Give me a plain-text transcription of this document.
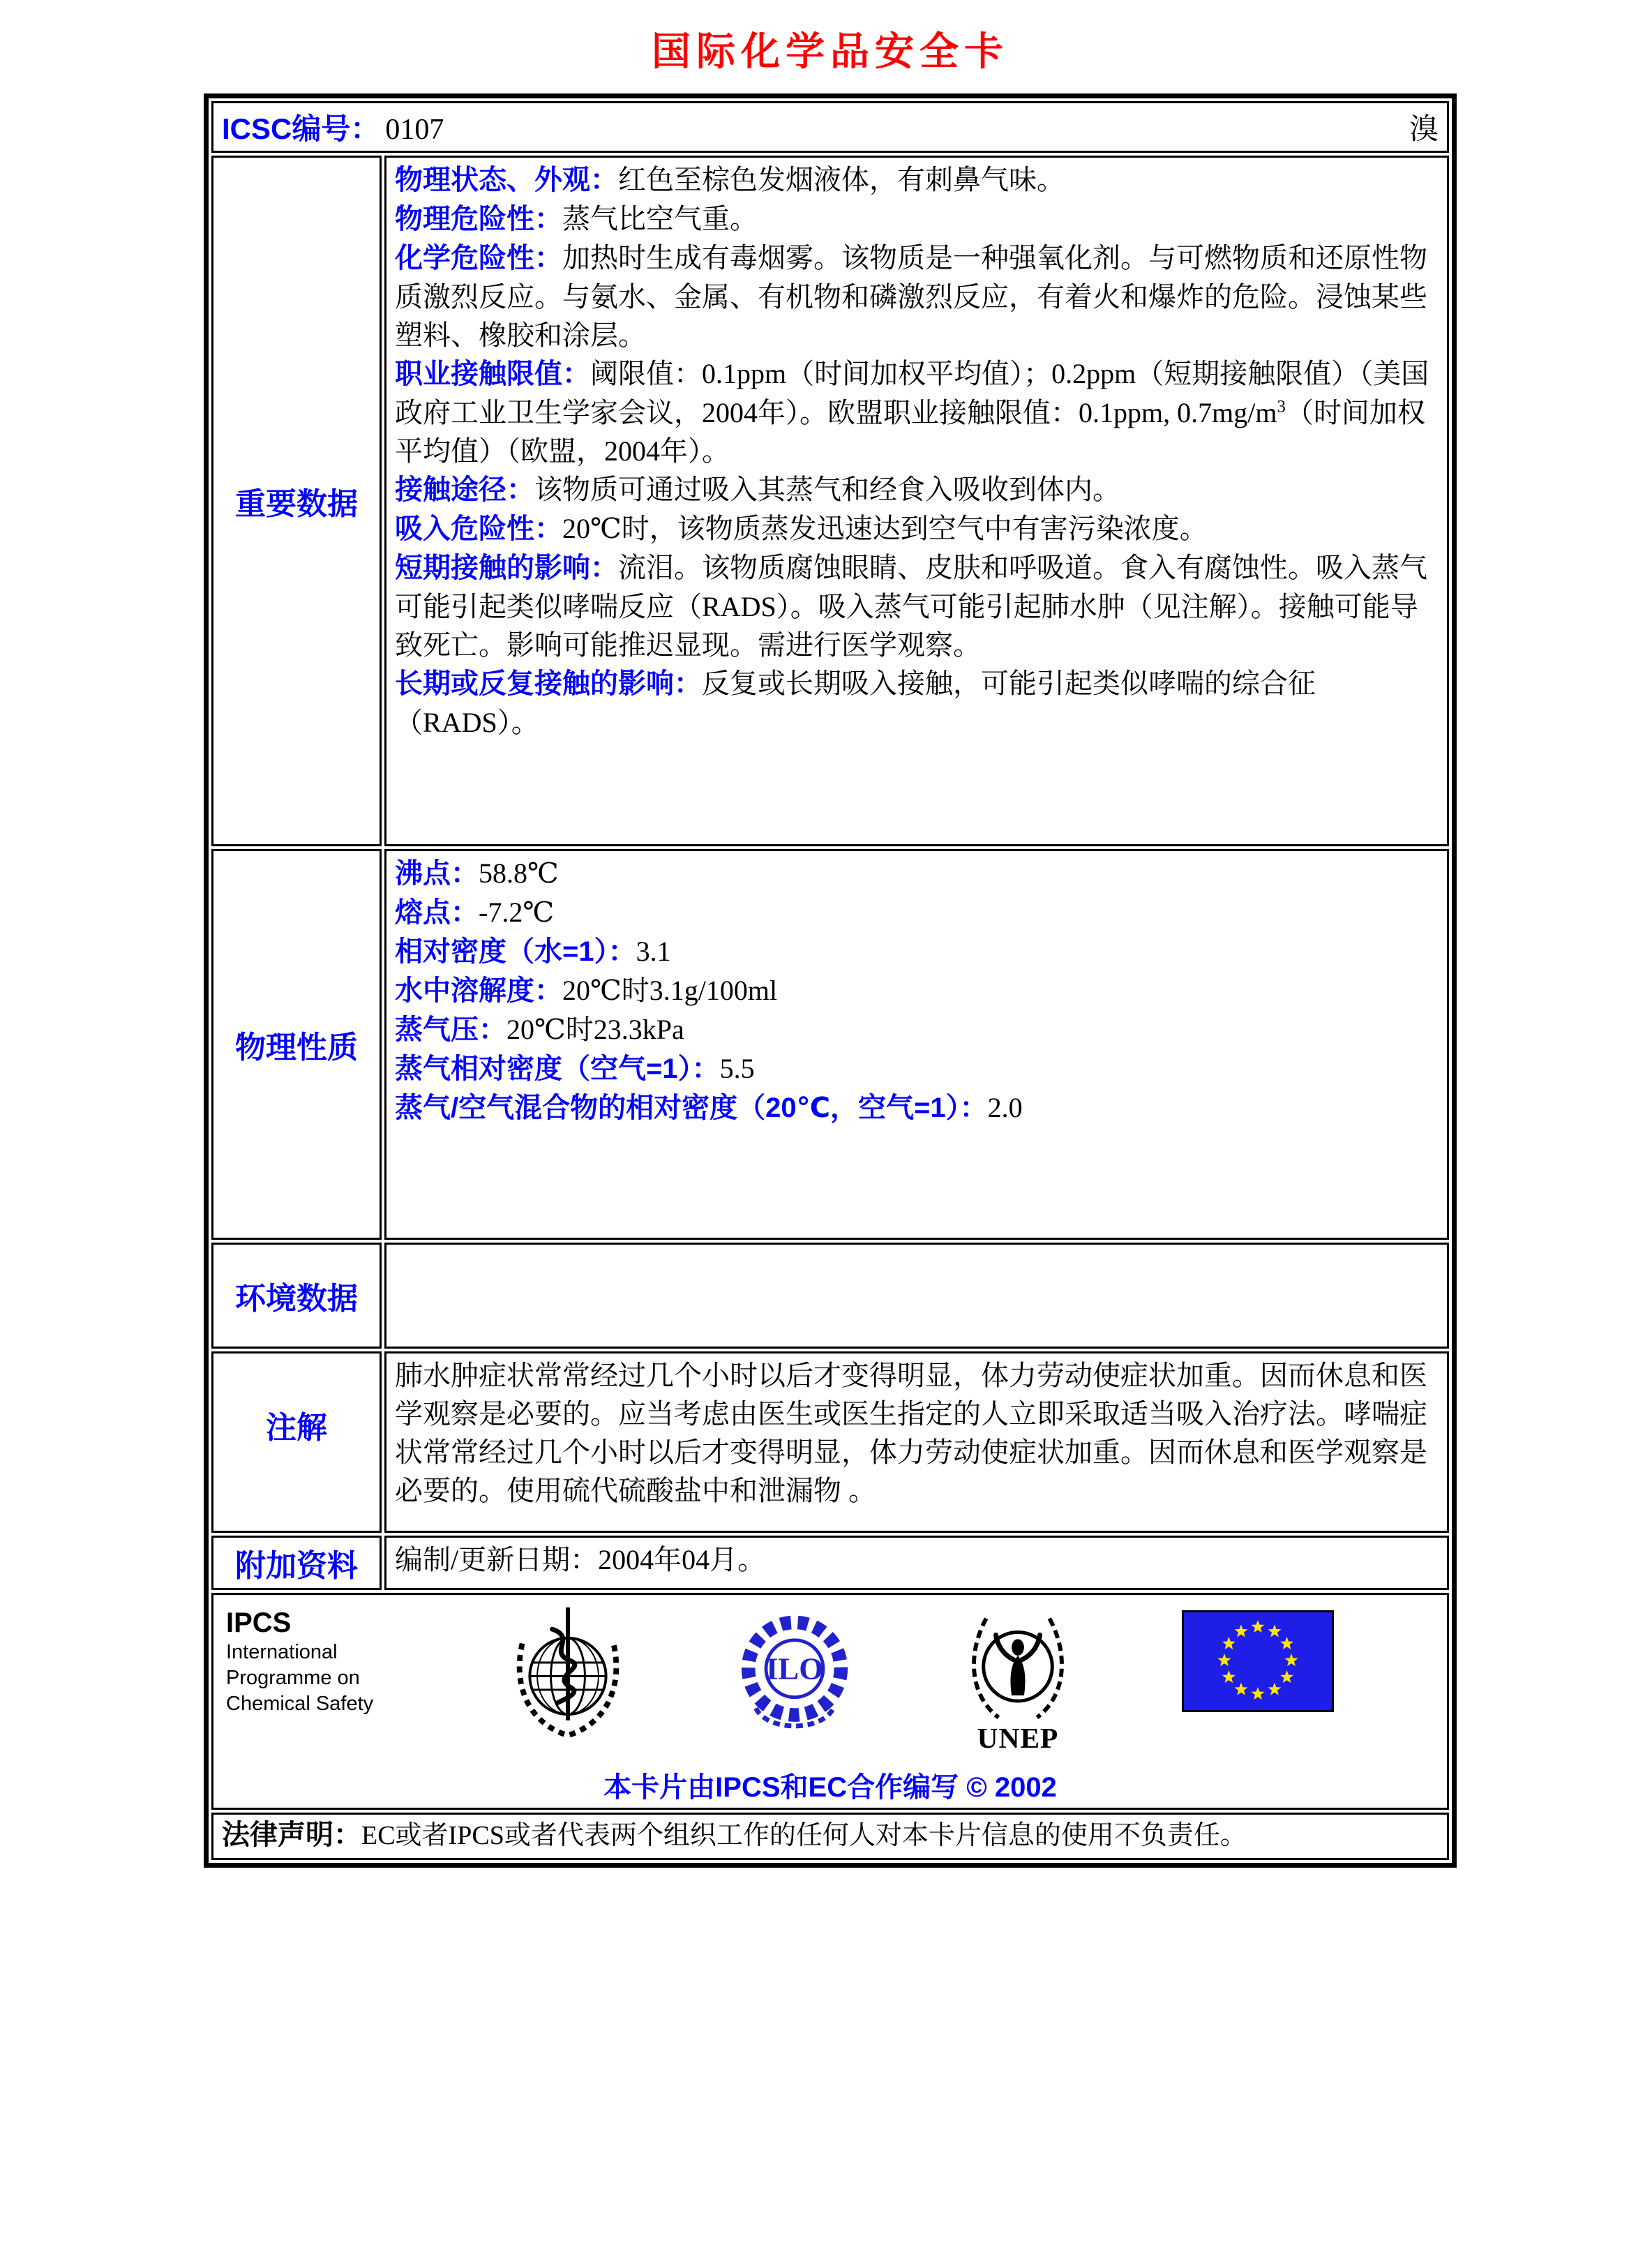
国际化学品安全卡
ICSC编号： 0107 溴	

重要数据	
物理状态、外观：红色至棕色发烟液体，有刺鼻气味。
物理危险性：蒸气比空气重。
化学危险性：加热时生成有毒烟雾。该物质是一种强氧化剂。与可燃物质和还原性物质激烈反应。与氨水、金属、有机物和磷激烈反应，有着火和爆炸的危险。浸蚀某些塑料、橡胶和涂层。
职业接触限值：阈限值：0.1ppm（时间加权平均值）；0.2ppm（短期接触限值）（美国政府工业卫生学家会议，2004年）。欧盟职业接触限值：0.1ppm, $0.7mg/m^3$（时间加权平均值）（欧盟，2004年）。
接触途径：该物质可通过吸入其蒸气和经食入吸收到体内。
吸入危险性：20℃时，该物质蒸发迅速达到空气中有害污染浓度。
短期接触的影响：流泪。该物质腐蚀眼睛、皮肤和呼吸道。食入有腐蚀性。吸入蒸气可能引起类似哮喘反应（RADS）。吸入蒸气可能引起肺水肿（见注解）。接触可能导致死亡。影响可能推迟显现。需进行医学观察。
长期或反复接触的影响：反复或长期吸入接触，可能引起类似哮喘的综合征（RADS）。

物理性质	
沸点：58.8℃
熔点：-7.2℃
相对密度（水=1）：3.1
水中溶解度：20℃时3.1g/100ml
蒸气压：20℃时23.3kPa
蒸气相对密度（空气=1）：5.5
蒸气/空气混合物的相对密度（20℃，空气=1）：2.0

环境数据	
注解	肺水肿症状常常经过几个小时以后才变得明显，体力劳动使症状加重。因而休息和医学观察是必要的。应当考虑由医生或医生指定的人立即采取适当吸入治疗法。哮喘症状常常经过几个小时以后才变得明显，体力劳动使症状加重。因而休息和医学观察是必要的。使用硫代硫酸盐中和泄漏物 。
附加资料	编制/更新日期：2004年04月。

IPCS
International
Programme on
Chemical Safety
ILO
UNEP
本卡片由IPCS和EC合作编写 © 2002

法律声明：EC或者IPCS或者代表两个组织工作的任何人对本卡片信息的使用不负责任。	
